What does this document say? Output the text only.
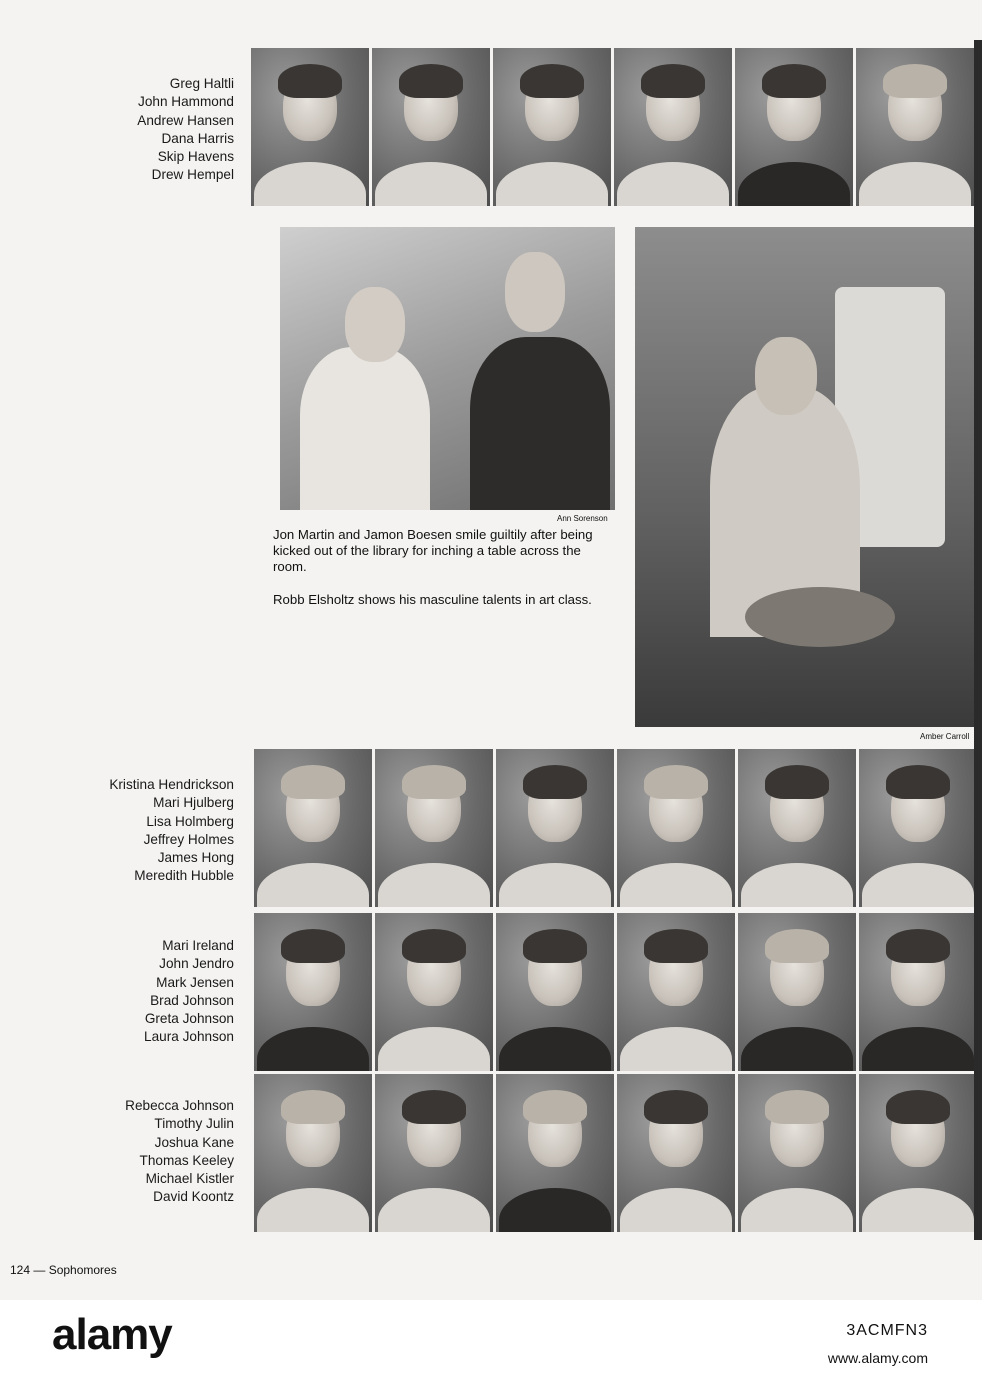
Greg Haltli
John Hammond
Andrew Hansen
Dana Harris
Skip Havens
Drew Hempel
Ann Sorenson
Amber Carroll

Jon Martin and Jamon Boesen smile guiltily after being kicked out of the library for inching a table across the room.

Robb Elsholtz shows his masculine talents in art class.

Kristina Hendrickson
Mari Hjulberg
Lisa Holmberg
Jeffrey Holmes
James Hong
Meredith Hubble
Mari Ireland
John Jendro
Mark Jensen
Brad Johnson
Greta Johnson
Laura Johnson
Rebecca Johnson
Timothy Julin
Joshua Kane
Thomas Keeley
Michael Kistler
David Koontz
124 — Sophomores
alamy	3ACMFN3
www.alamy.com
